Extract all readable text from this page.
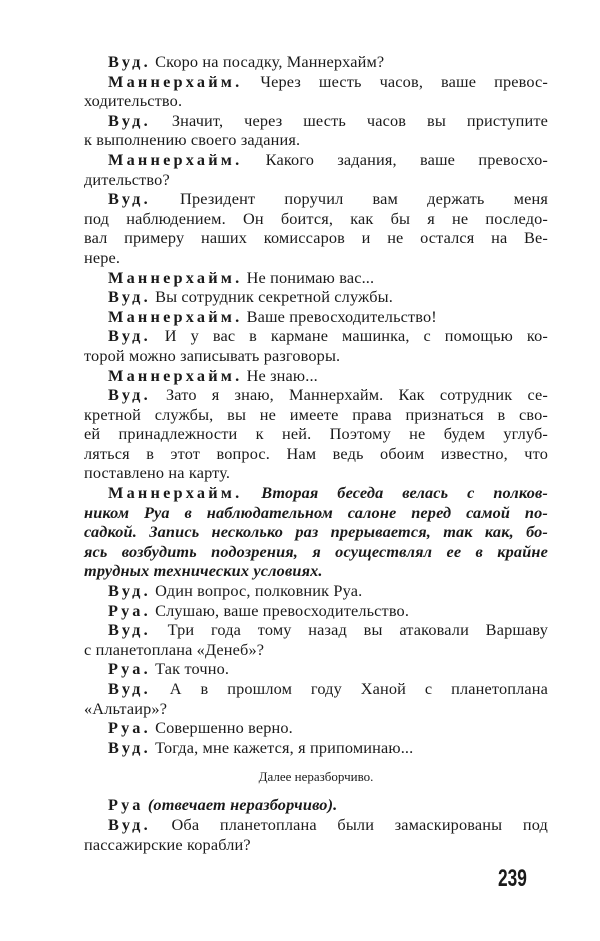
Вуд. Скоро на посадку, Маннерхайм?
Маннерхайм. Через шесть часов, ваше превос-
ходительство.
Вуд. Значит, через шесть часов вы приступите
к выполнению своего задания.
Маннерхайм. Какого задания, ваше превосхо-
дительство?
Вуд. Президент поручил вам держать меня
под наблюдением. Он боится, как бы я не последо-
вал примеру наших комиссаров и не остался на Ве-
нере.
Маннерхайм. Не понимаю вас...
Вуд. Вы сотрудник секретной службы.
Маннерхайм. Ваше превосходительство!
Вуд. И у вас в кармане машинка, с помощью ко-
торой можно записывать разговоры.
Маннерхайм. Не знаю...
Вуд. Зато я знаю, Маннерхайм. Как сотрудник се-
кретной службы, вы не имеете права признаться в сво-
ей принадлежности к ней. Поэтому не будем углуб-
ляться в этот вопрос. Нам ведь обоим известно, что
поставлено на карту.
Маннерхайм. Вторая беседа велась с полков-
ником Руа в наблюдательном салоне перед самой по-
садкой. Запись несколько раз прерывается, так как, бо-
ясь возбудить подозрения, я осуществлял ее в крайне
трудных технических условиях.
Вуд. Один вопрос, полковник Руа.
Руа. Слушаю, ваше превосходительство.
Вуд. Три года тому назад вы атаковали Варшаву
с планетоплана «Денеб»?
Руа. Так точно.
Вуд. А в прошлом году Ханой с планетоплана
«Альтаир»?
Руа. Совершенно верно.
Вуд. Тогда, мне кажется, я припоминаю...
Далее неразборчиво.
Руа (отвечает неразборчиво).
Вуд. Оба планетоплана были замаскированы под
пассажирские корабли?
239
